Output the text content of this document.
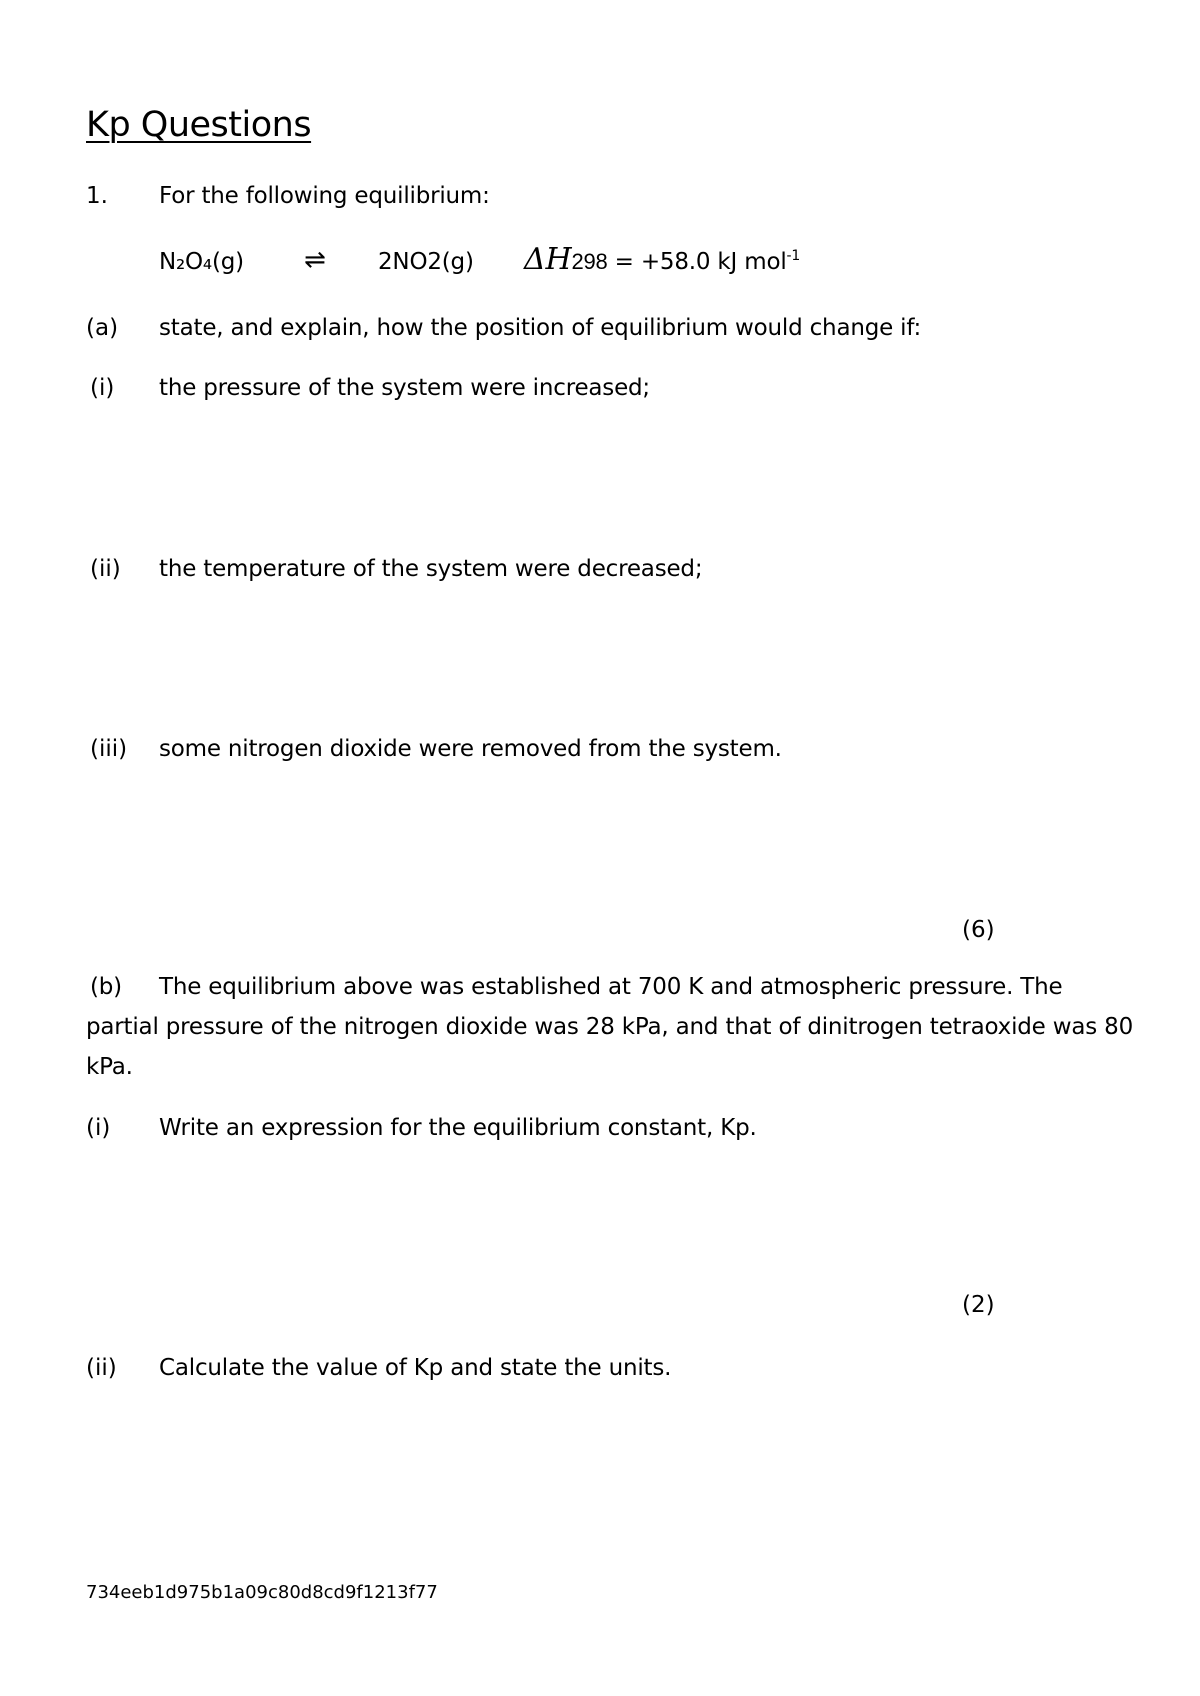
Kp Questions
1. For the following equilibrium:
N₂O₄(g) ⇌ 2NO2(g) ΔH298 = +58.0 kJ mol$^{-1}$
(a) state, and explain, how the position of equilibrium would change if:
(i) the pressure of the system were increased;
(ii) the temperature of the system were decreased;
(iii) some nitrogen dioxide were removed from the system.
(6)
(b) The equilibrium above was established at 700 K and atmospheric pressure. The partial pressure of the nitrogen dioxide was 28 kPa, and that of dinitrogen tetraoxide was 80 kPa.
(i) Write an expression for the equilibrium constant, Kp.
(2)
(ii) Calculate the value of Kp and state the units.
734eeb1d975b1a09c80d8cd9f1213f77
